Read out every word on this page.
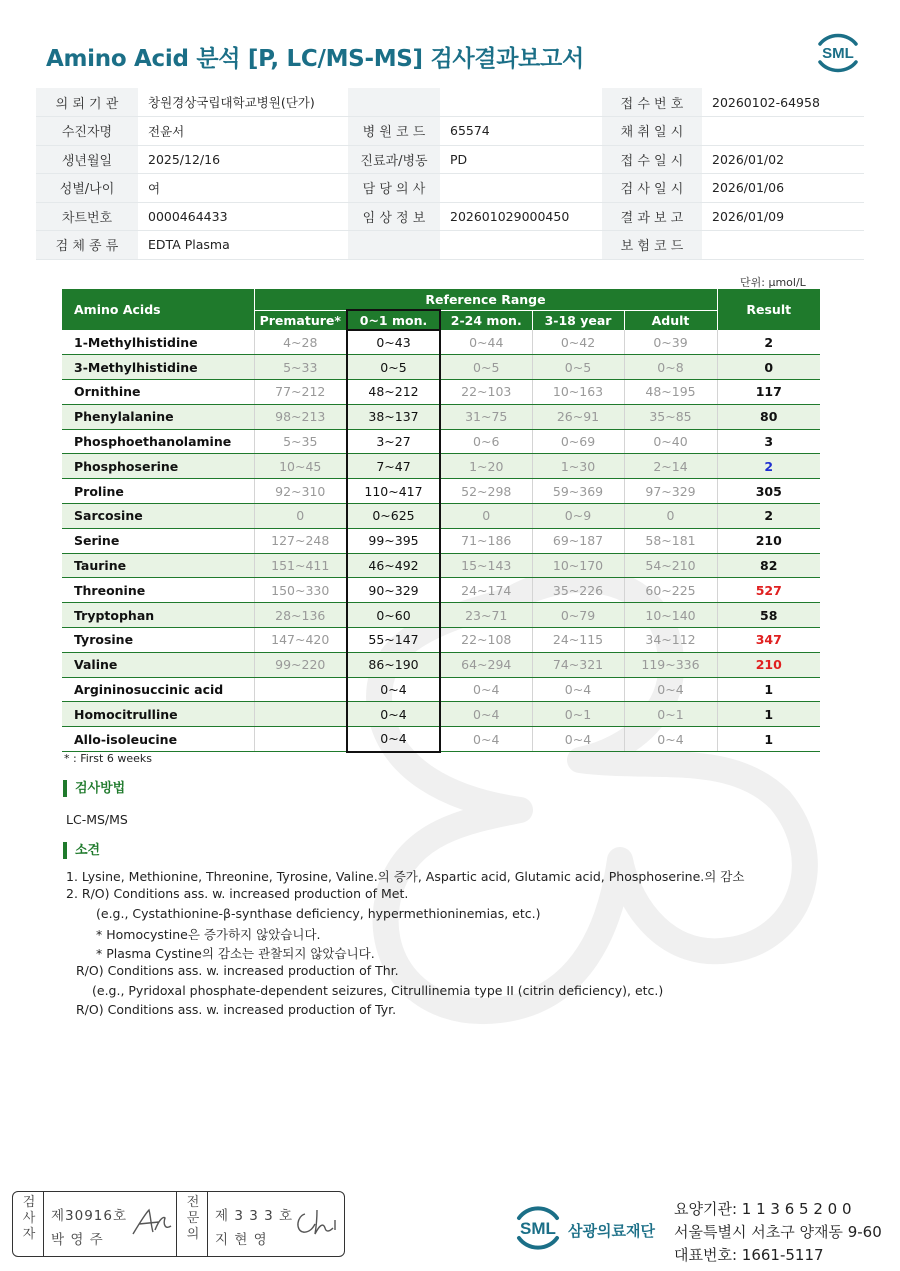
Amino Acid 분석 [P, LC/MS-MS] 검사결과보고서	SML
의 뢰 기 관	창원경상국립대학교병원(단가)			접 수 번 호	20260102-64958
수진자명	전윤서	병 원 코 드	65574	채 취 일 시	
생년월일	2025/12/16	진료과/병동	PD	접 수 일 시	2026/01/02
성별/나이	여	담 당 의 사		검 사 일 시	2026/01/06
차트번호	0000464433	임 상 정 보	202601029000450	결 과 보 고	2026/01/09
검 체 종 류	EDTA Plasma			보 험 코 드	
단위: μmol/L
Amino Acids	Reference Range					Result
	Premature*	0~1 mon.	2-24 mon.	3-18 year	Adult	
1-Methylhistidine	4~28	0~43	0~44	0~42	0~39	2
3-Methylhistidine	5~33	0~5	0~5	0~5	0~8	0
Ornithine	77~212	48~212	22~103	10~163	48~195	117
Phenylalanine	98~213	38~137	31~75	26~91	35~85	80
Phosphoethanolamine	5~35	3~27	0~6	0~69	0~40	3
Phosphoserine	10~45	7~47	1~20	1~30	2~14	2
Proline	92~310	110~417	52~298	59~369	97~329	305
Sarcosine	0	0~625	0	0~9	0	2
Serine	127~248	99~395	71~186	69~187	58~181	210
Taurine	151~411	46~492	15~143	10~170	54~210	82
Threonine	150~330	90~329	24~174	35~226	60~225	527
Tryptophan	28~136	0~60	23~71	0~79	10~140	58
Tyrosine	147~420	55~147	22~108	24~115	34~112	347
Valine	99~220	86~190	64~294	74~321	119~336	210
Argininosuccinic acid		0~4	0~4	0~4	0~4	1
Homocitrulline		0~4	0~4	0~1	0~1	1
Allo-isoleucine		0~4	0~4	0~4	0~4	1
* : First 6 weeks
검사방법
LC-MS/MS
소견
1. Lysine, Methionine, Threonine, Tyrosine, Valine.의 증가, Aspartic acid, Glutamic acid, Phosphoserine.의 감소
2. R/O) Conditions ass. w. increased production of Met.
(e.g., Cystathionine-β-synthase deficiency, hypermethioninemias, etc.)
* Homocystine은 증가하지 않았습니다.
* Plasma Cystine의 감소는 관찰되지 않았습니다.
R/O) Conditions ass. w. increased production of Thr.
(e.g., Pyridoxal phosphate-dependent seizures, Citrullinemia type II (citrin deficiency), etc.)
R/O) Conditions ass. w. increased production of Tyr.
검사자
제30916호
박 영 주
전문의
제 3 3 3 호
지 현 영
SML 삼광의료재단
요양기관: 1 1 3 6 5 2 0 0
서울특별시 서초구 양재동 9-60
대표번호: 1661-5117
